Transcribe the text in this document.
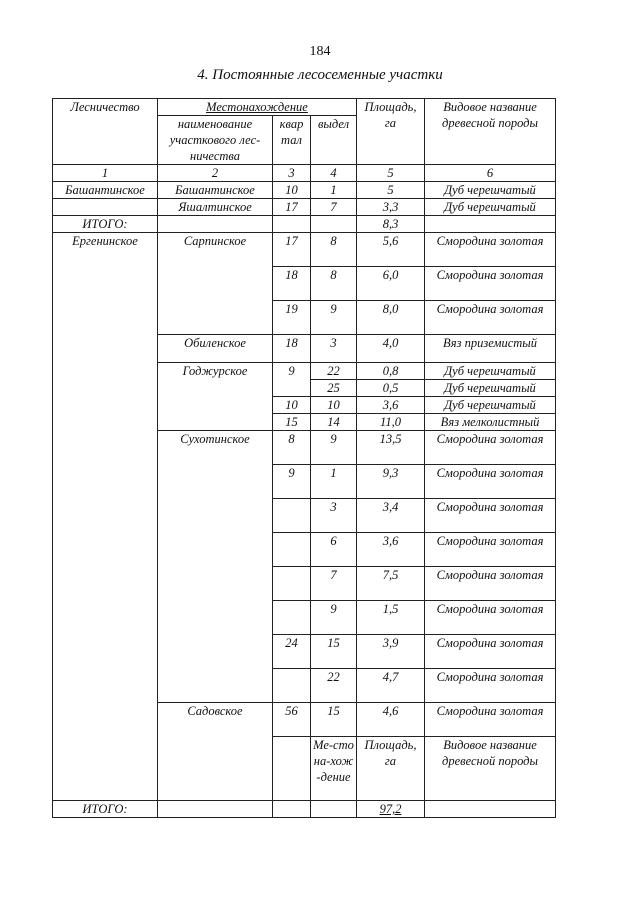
184
4. Постоянные лесосеменные участки
Лесничество	Местонахождение			Площадь, га	Видовое название древесной породы
	наименование участкового лес-ничества	квар тал	выдел		
1	2	3	4	5	6
Башантинское	Башантинское	10	1	5	Дуб черешчатый
	Яшалтинское	17	7	3,3	Дуб черешчатый
ИТОГО:				8,3	
Ергенинское	Сарпинское	17	8	5,6	Смородина золотая
		18	8	6,0	Смородина золотая
		19	9	8,0	Смородина золотая
	Обиленское	18	3	4,0	Вяз приземистый
	Годжурское	9	22	0,8	Дуб черешчатый
			25	0,5	Дуб черешчатый
		10	10	3,6	Дуб черешчатый
		15	14	11,0	Вяз мелколистный
	Сухотинское	8	9	13,5	Смородина золотая
		9	1	9,3	Смородина золотая
			3	3,4	Смородина золотая
			6	3,6	Смородина золотая
			7	7,5	Смородина золотая
			9	1,5	Смородина золотая
		24	15	3,9	Смородина золотая
			22	4,7	Смородина золотая
	Садовское	56	15	4,6	Смородина золотая
			Ме-стона-хож-дение	Площадь, га	Видовое название древесной породы
ИТОГО:				97,2	
